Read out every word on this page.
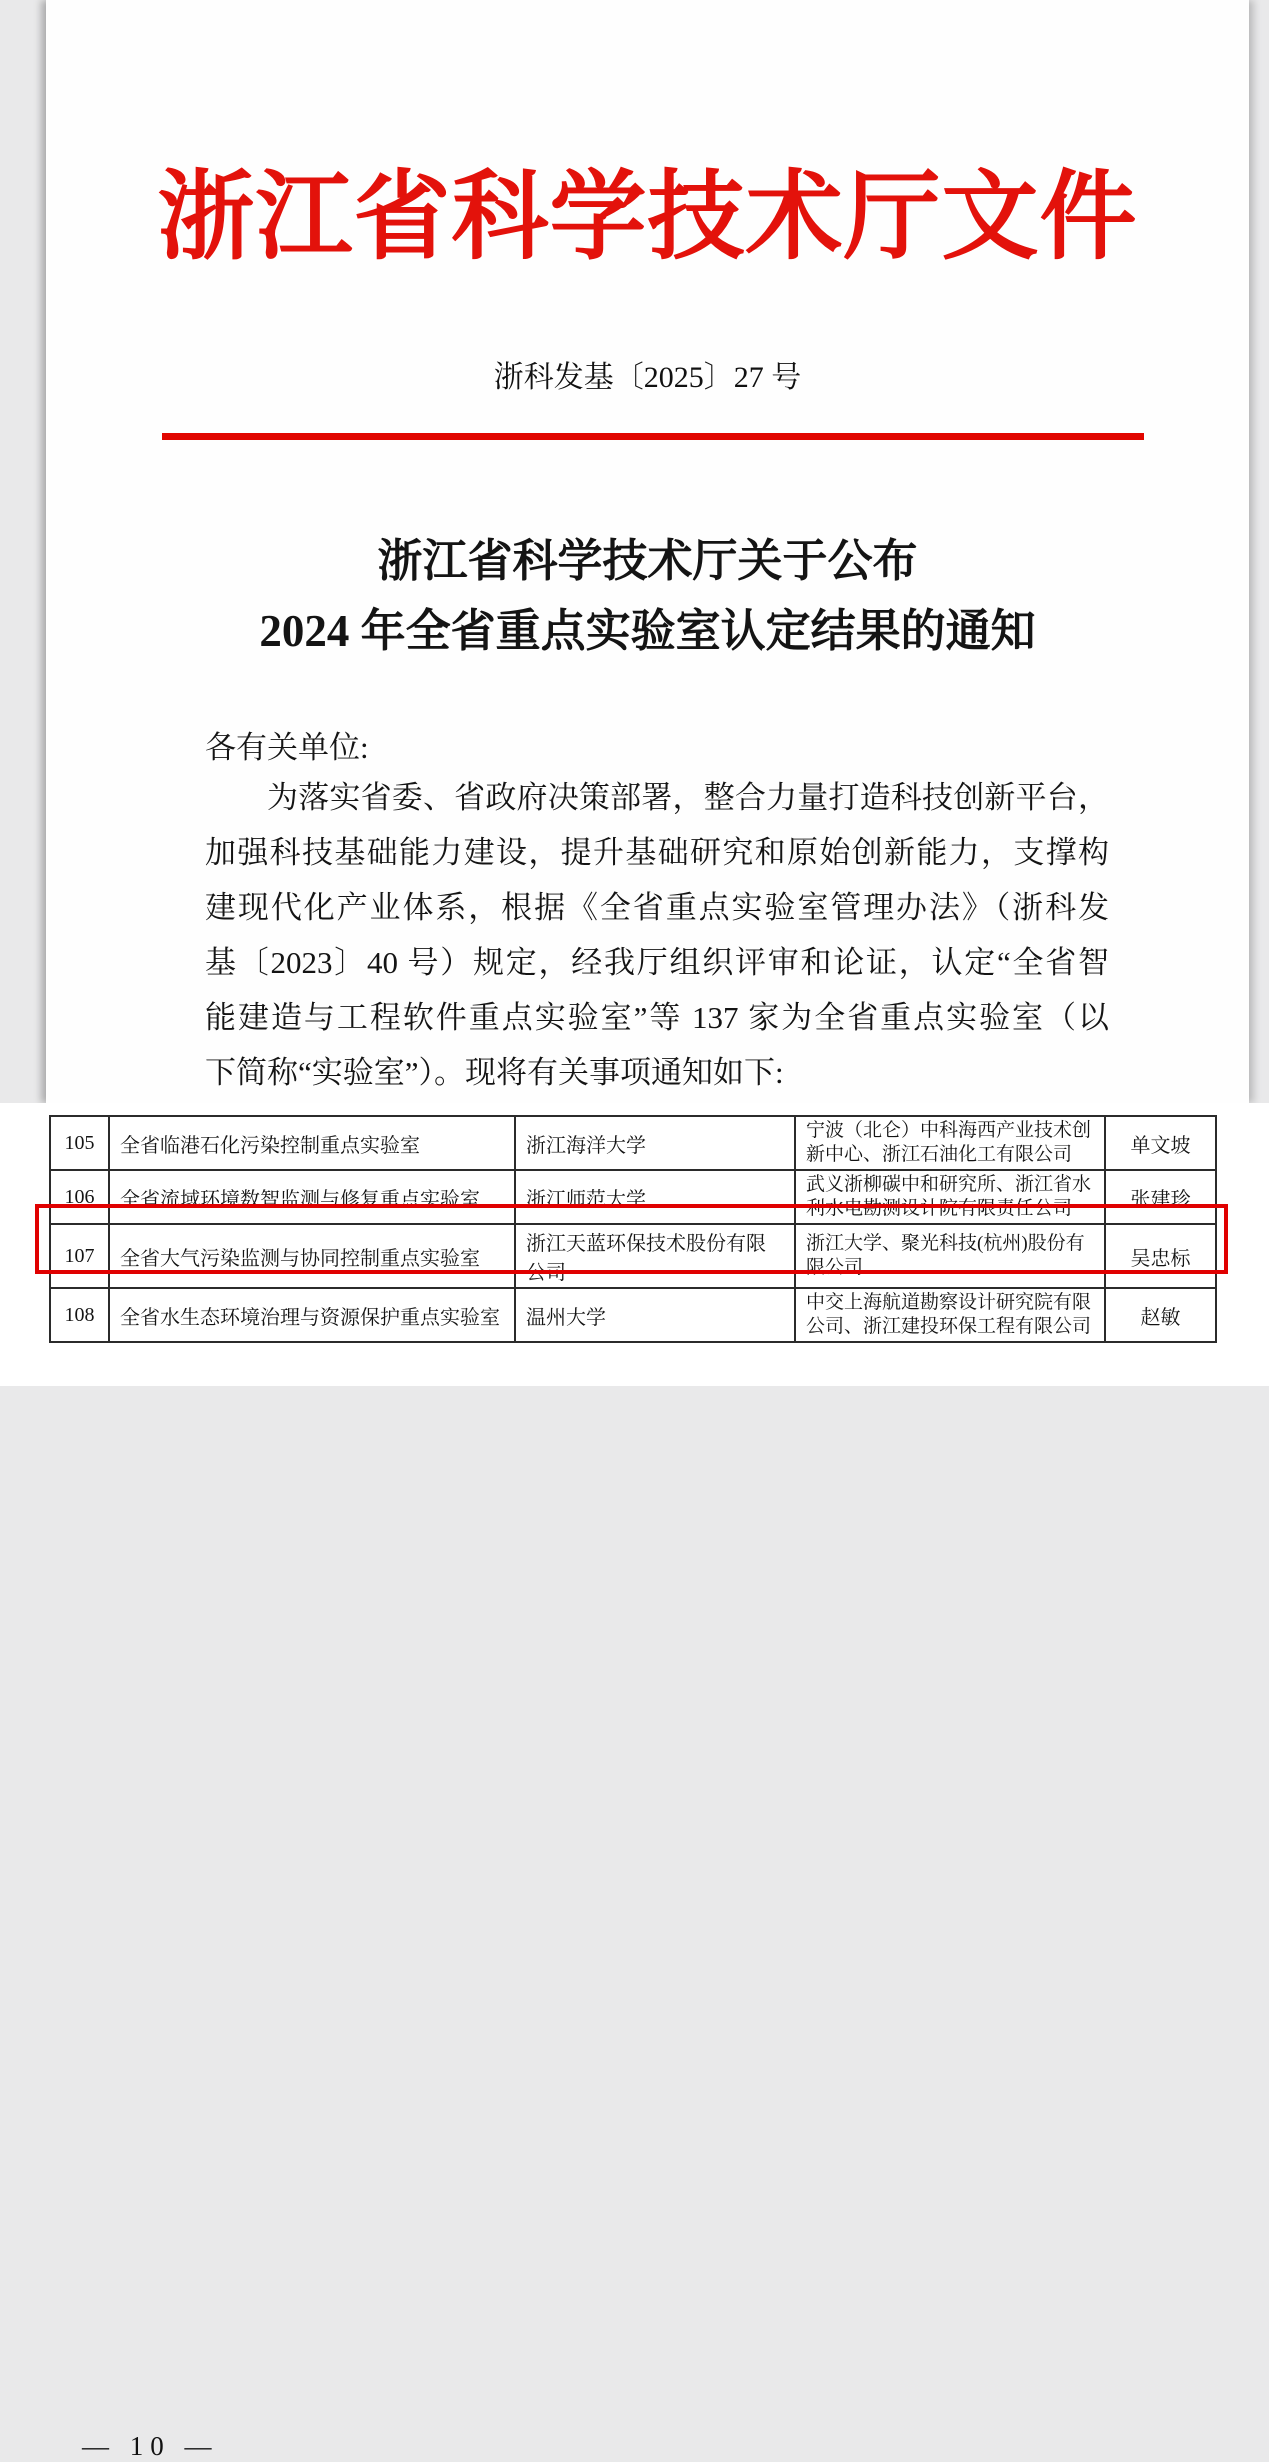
浙江省科学技术厅文件
浙科发基〔2025〕27 号
浙江省科学技术厅关于公布
2024 年全省重点实验室认定结果的通知
各有关单位:
为落实省委、省政府决策部署，整合力量打造科技创新平台，
加强科技基础能力建设，提升基础研究和原始创新能力，支撑构
建现代化产业体系，根据《全省重点实验室管理办法》（浙科发
基〔2023〕40 号）规定，经我厅组织评审和论证，认定“全省智
能建造与工程软件重点实验室”等 137 家为全省重点实验室（以
下简称“实验室”）。现将有关事项通知如下:
— 10 —
105	全省临港石化污染控制重点实验室	浙江海洋大学	宁波（北仑）中科海西产业技术创新中心、浙江石油化工有限公司	单文坡
106	全省流域环境数智监测与修复重点实验室	浙江师范大学	武义浙柳碳中和研究所、浙江省水利水电勘测设计院有限责任公司	张建珍
107	全省大气污染监测与协同控制重点实验室	浙江天蓝环保技术股份有限公司	浙江大学、聚光科技(杭州)股份有限公司	吴忠标
108	全省水生态环境治理与资源保护重点实验室	温州大学	中交上海航道勘察设计研究院有限公司、浙江建投环保工程有限公司	赵敏
